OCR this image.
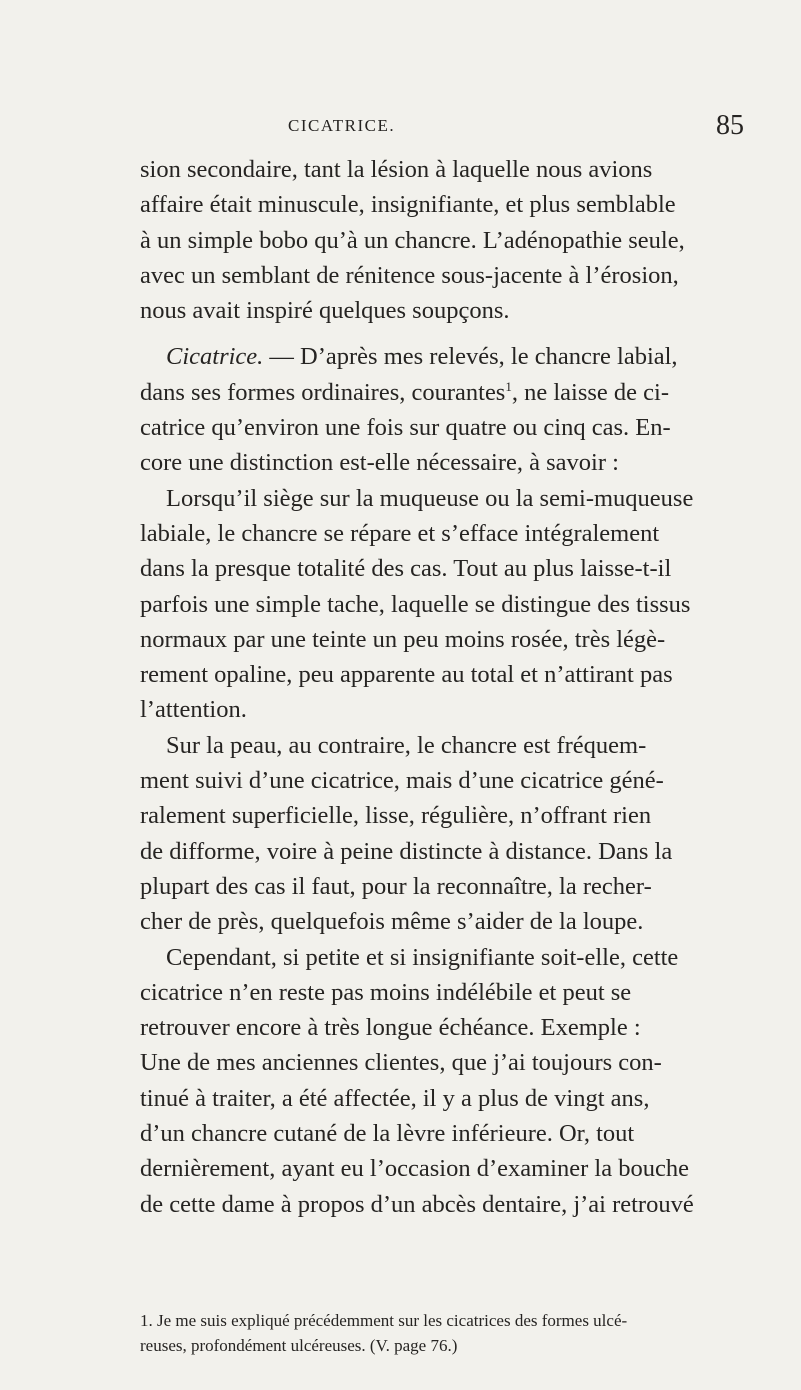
CICATRICE.	85
sion secondaire, tant la lésion à laquelle nous avions
affaire était minuscule, insignifiante, et plus semblable
à un simple bobo qu’à un chancre. L’adénopathie seule,
avec un semblant de rénitence sous-jacente à l’érosion,
nous avait inspiré quelques soupçons.
Cicatrice. — D’après mes relevés, le chancre labial,
dans ses formes ordinaires, courantes$^1$, ne laisse de ci-
catrice qu’environ une fois sur quatre ou cinq cas. En-
core une distinction est-elle nécessaire, à savoir :
Lorsqu’il siège sur la muqueuse ou la semi-muqueuse
labiale, le chancre se répare et s’efface intégralement
dans la presque totalité des cas. Tout au plus laisse-t-il
parfois une simple tache, laquelle se distingue des tissus
normaux par une teinte un peu moins rosée, très légè-
rement opaline, peu apparente au total et n’attirant pas
l’attention.
Sur la peau, au contraire, le chancre est fréquem-
ment suivi d’une cicatrice, mais d’une cicatrice géné-
ralement superficielle, lisse, régulière, n’offrant rien
de difforme, voire à peine distincte à distance. Dans la
plupart des cas il faut, pour la reconnaître, la recher-
cher de près, quelquefois même s’aider de la loupe.
Cependant, si petite et si insignifiante soit-elle, cette
cicatrice n’en reste pas moins indélébile et peut se
retrouver encore à très longue échéance. Exemple :
Une de mes anciennes clientes, que j’ai toujours con-
tinué à traiter, a été affectée, il y a plus de vingt ans,
d’un chancre cutané de la lèvre inférieure. Or, tout
dernièrement, ayant eu l’occasion d’examiner la bouche
de cette dame à propos d’un abcès dentaire, j’ai retrouvé
1. Je me suis expliqué précédemment sur les cicatrices des formes ulcé-
reuses, profondément ulcéreuses. (V. page 76.)
